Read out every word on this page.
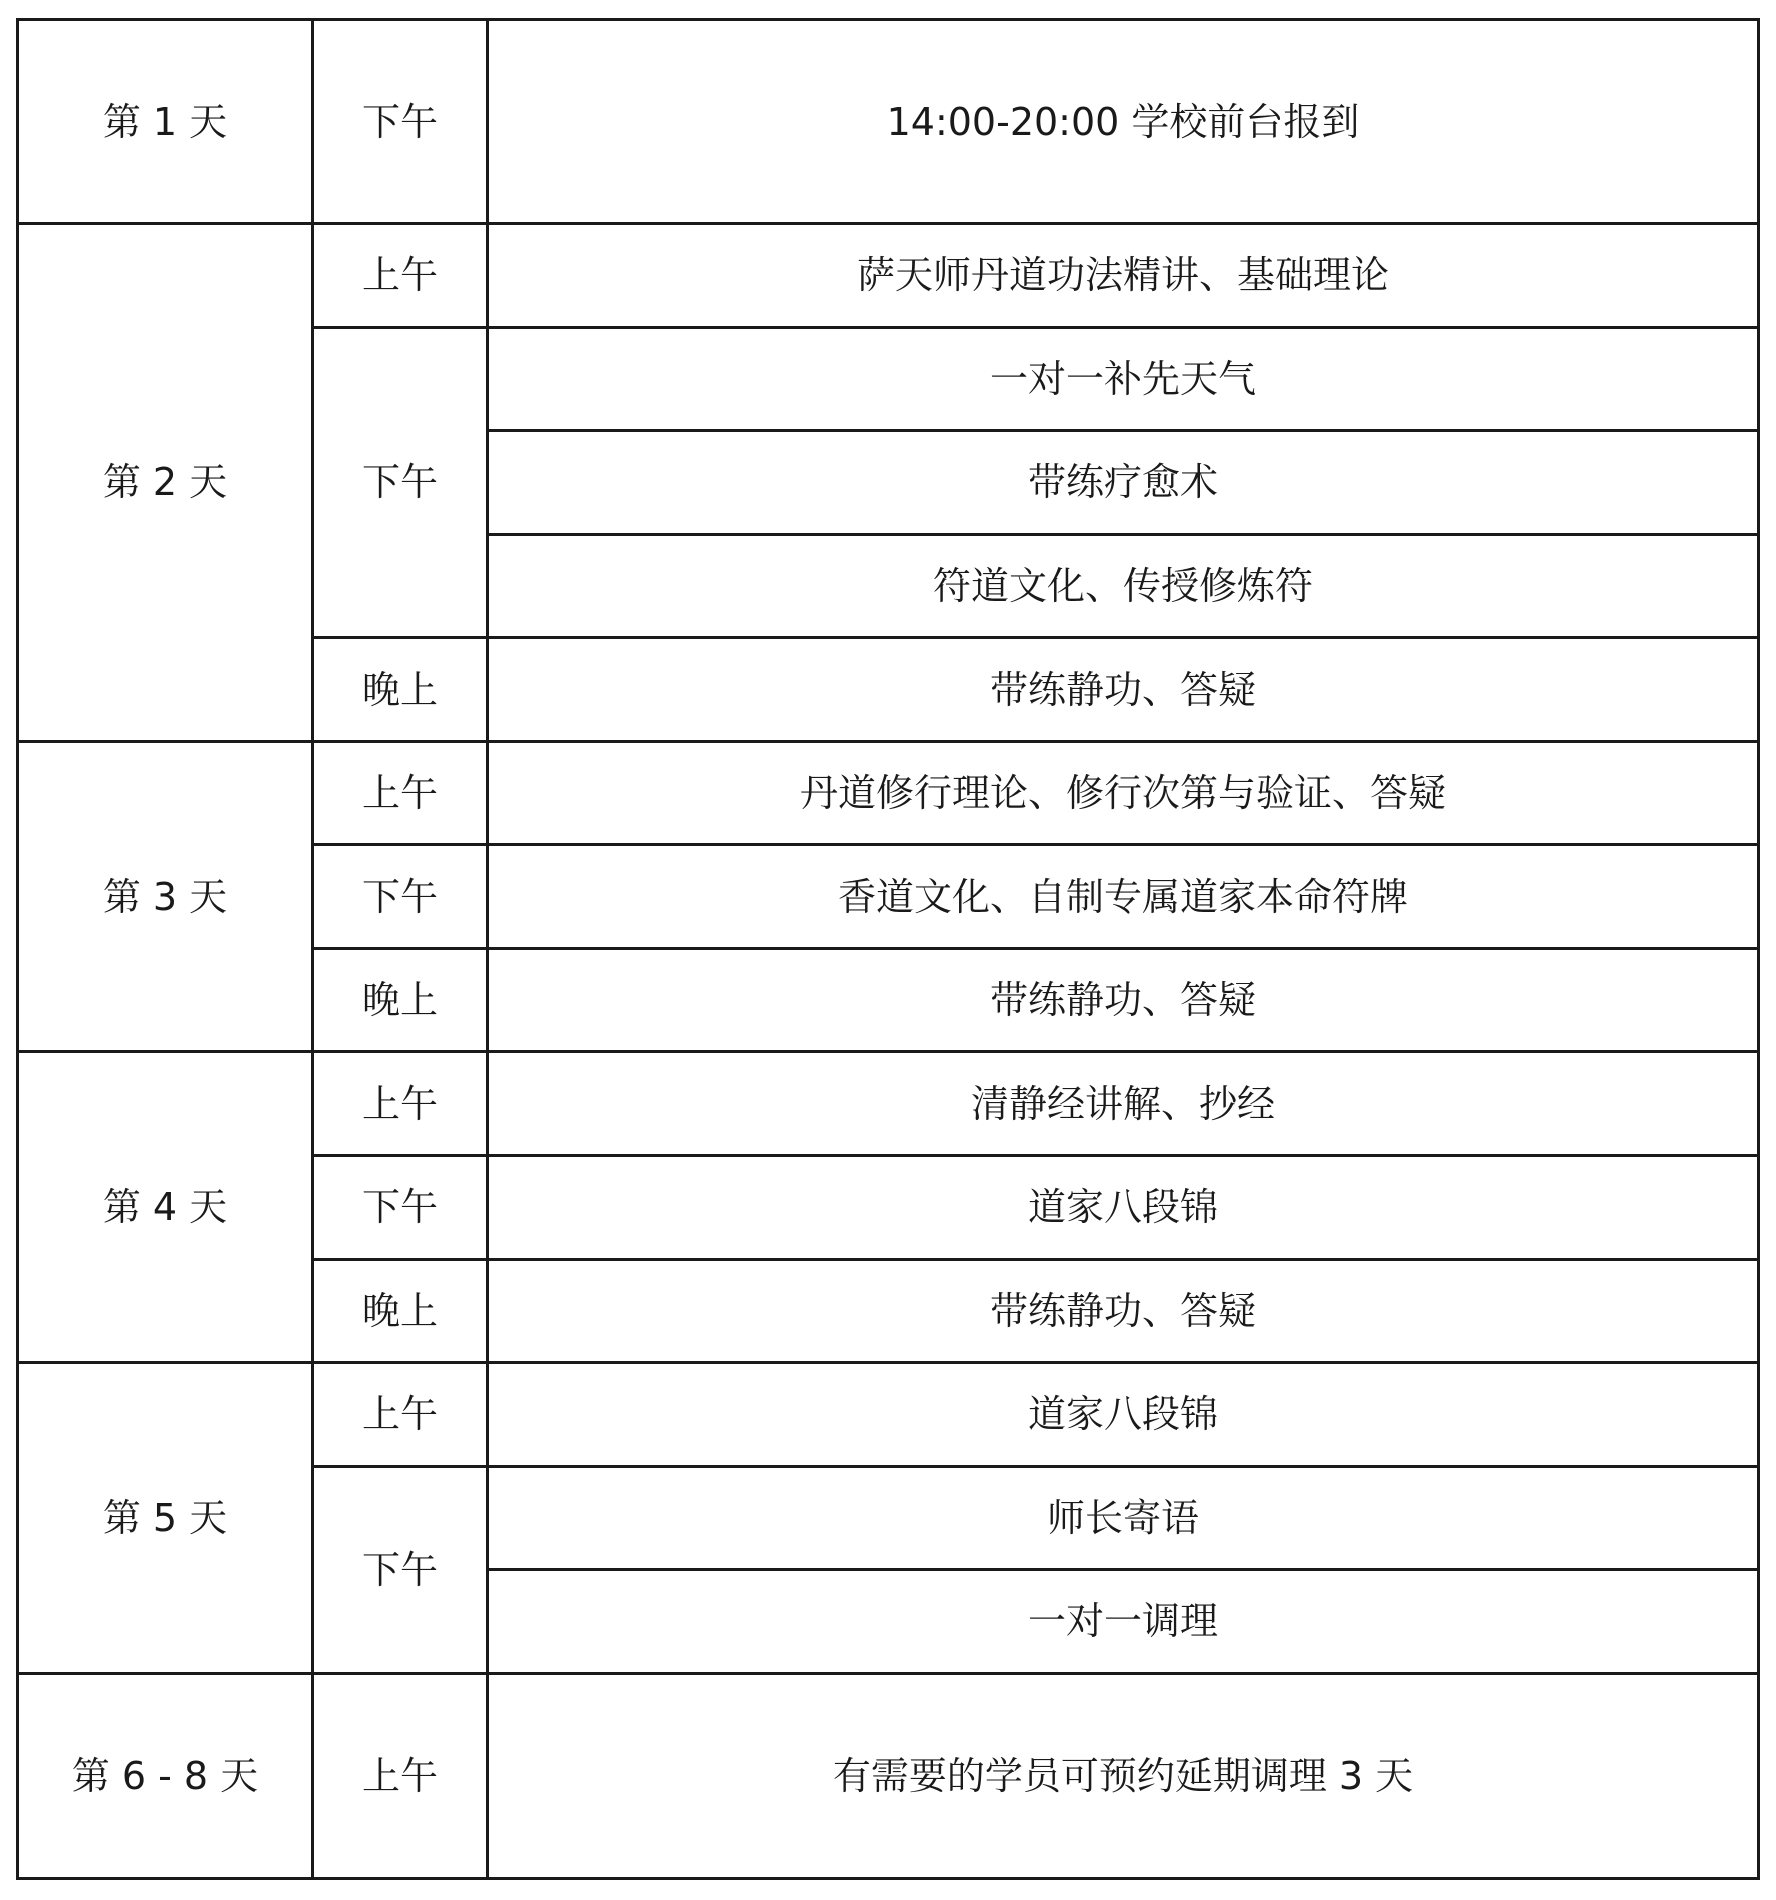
第 1 天	下午	14:00-20:00 学校前台报到
第 2 天	上午	萨天师丹道功法精讲、基础理论
	下午	一对一补先天气
		带练疗愈术
		符道文化、传授修炼符
	晚上	带练静功、答疑
第 3 天	上午	丹道修行理论、修行次第与验证、答疑
	下午	香道文化、自制专属道家本命符牌
	晚上	带练静功、答疑
第 4 天	上午	清静经讲解、抄经
	下午	道家八段锦
	晚上	带练静功、答疑
第 5 天	上午	道家八段锦
	下午	师长寄语
		一对一调理
第 6 - 8 天	上午	有需要的学员可预约延期调理 3 天
